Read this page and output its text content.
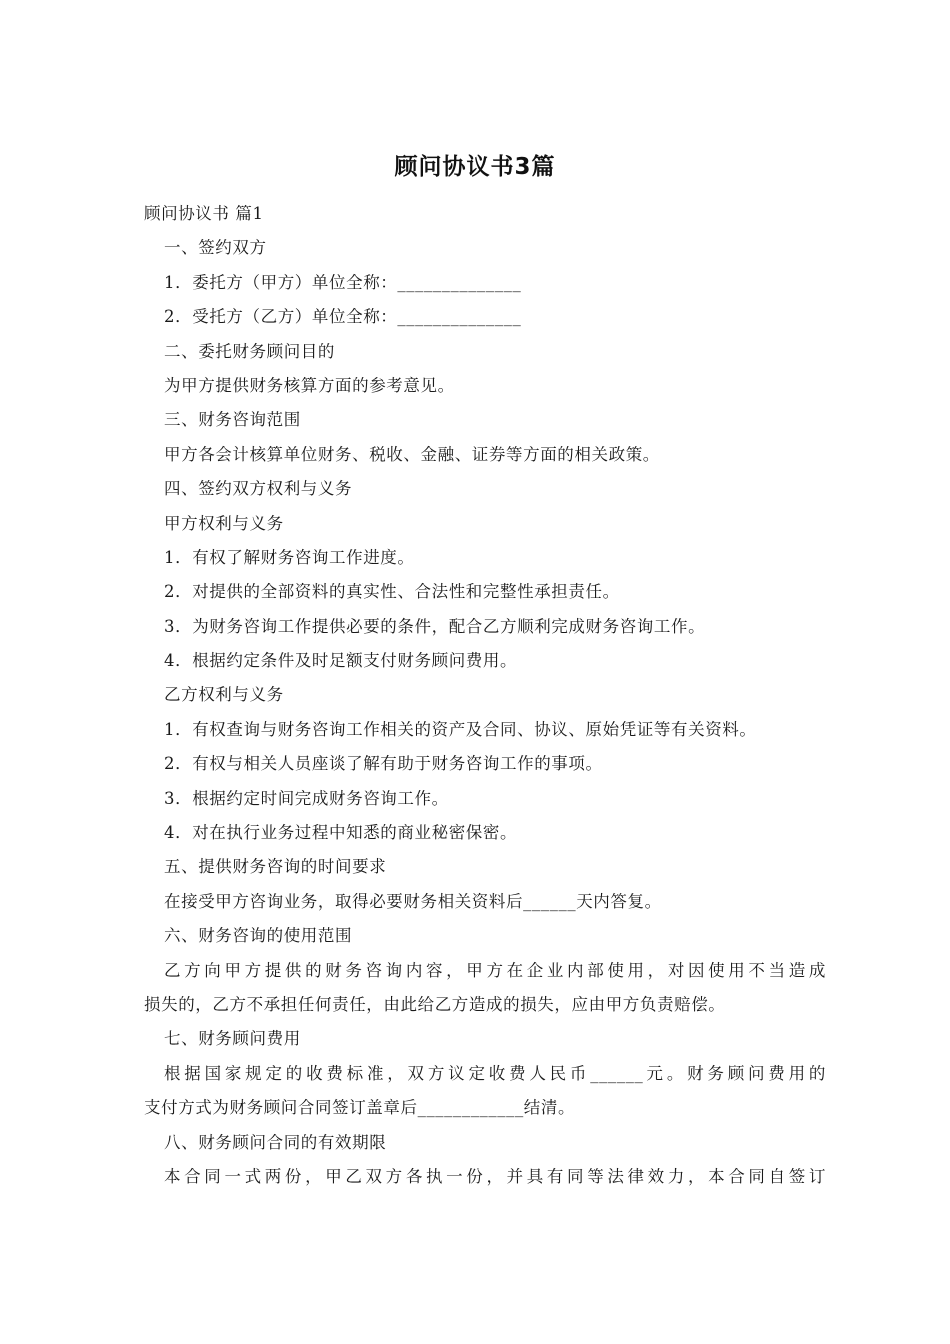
顾问协议书3篇
顾问协议书 篇1
一、签约双方
1．委托方（甲方）单位全称：______________
2．受托方（乙方）单位全称：______________
二、委托财务顾问目的
为甲方提供财务核算方面的参考意见。
三、财务咨询范围
甲方各会计核算单位财务、税收、金融、证券等方面的相关政策。
四、签约双方权利与义务
甲方权利与义务
1．有权了解财务咨询工作进度。
2．对提供的全部资料的真实性、合法性和完整性承担责任。
3．为财务咨询工作提供必要的条件，配合乙方顺利完成财务咨询工作。
4．根据约定条件及时足额支付财务顾问费用。
乙方权利与义务
1．有权查询与财务咨询工作相关的资产及合同、协议、原始凭证等有关资料。
2．有权与相关人员座谈了解有助于财务咨询工作的事项。
3．根据约定时间完成财务咨询工作。
4．对在执行业务过程中知悉的商业秘密保密。
五、提供财务咨询的时间要求
在接受甲方咨询业务，取得必要财务相关资料后______天内答复。
六、财务咨询的使用范围
乙方向甲方提供的财务咨询内容，甲方在企业内部使用，对因使用不当造成
损失的，乙方不承担任何责任，由此给乙方造成的损失，应由甲方负责赔偿。
七、财务顾问费用
根据国家规定的收费标准，双方议定收费人民币______元。财务顾问费用的
支付方式为财务顾问合同签订盖章后____________结清。
八、财务顾问合同的有效期限
本合同一式两份，甲乙双方各执一份，并具有同等法律效力，本合同自签订
